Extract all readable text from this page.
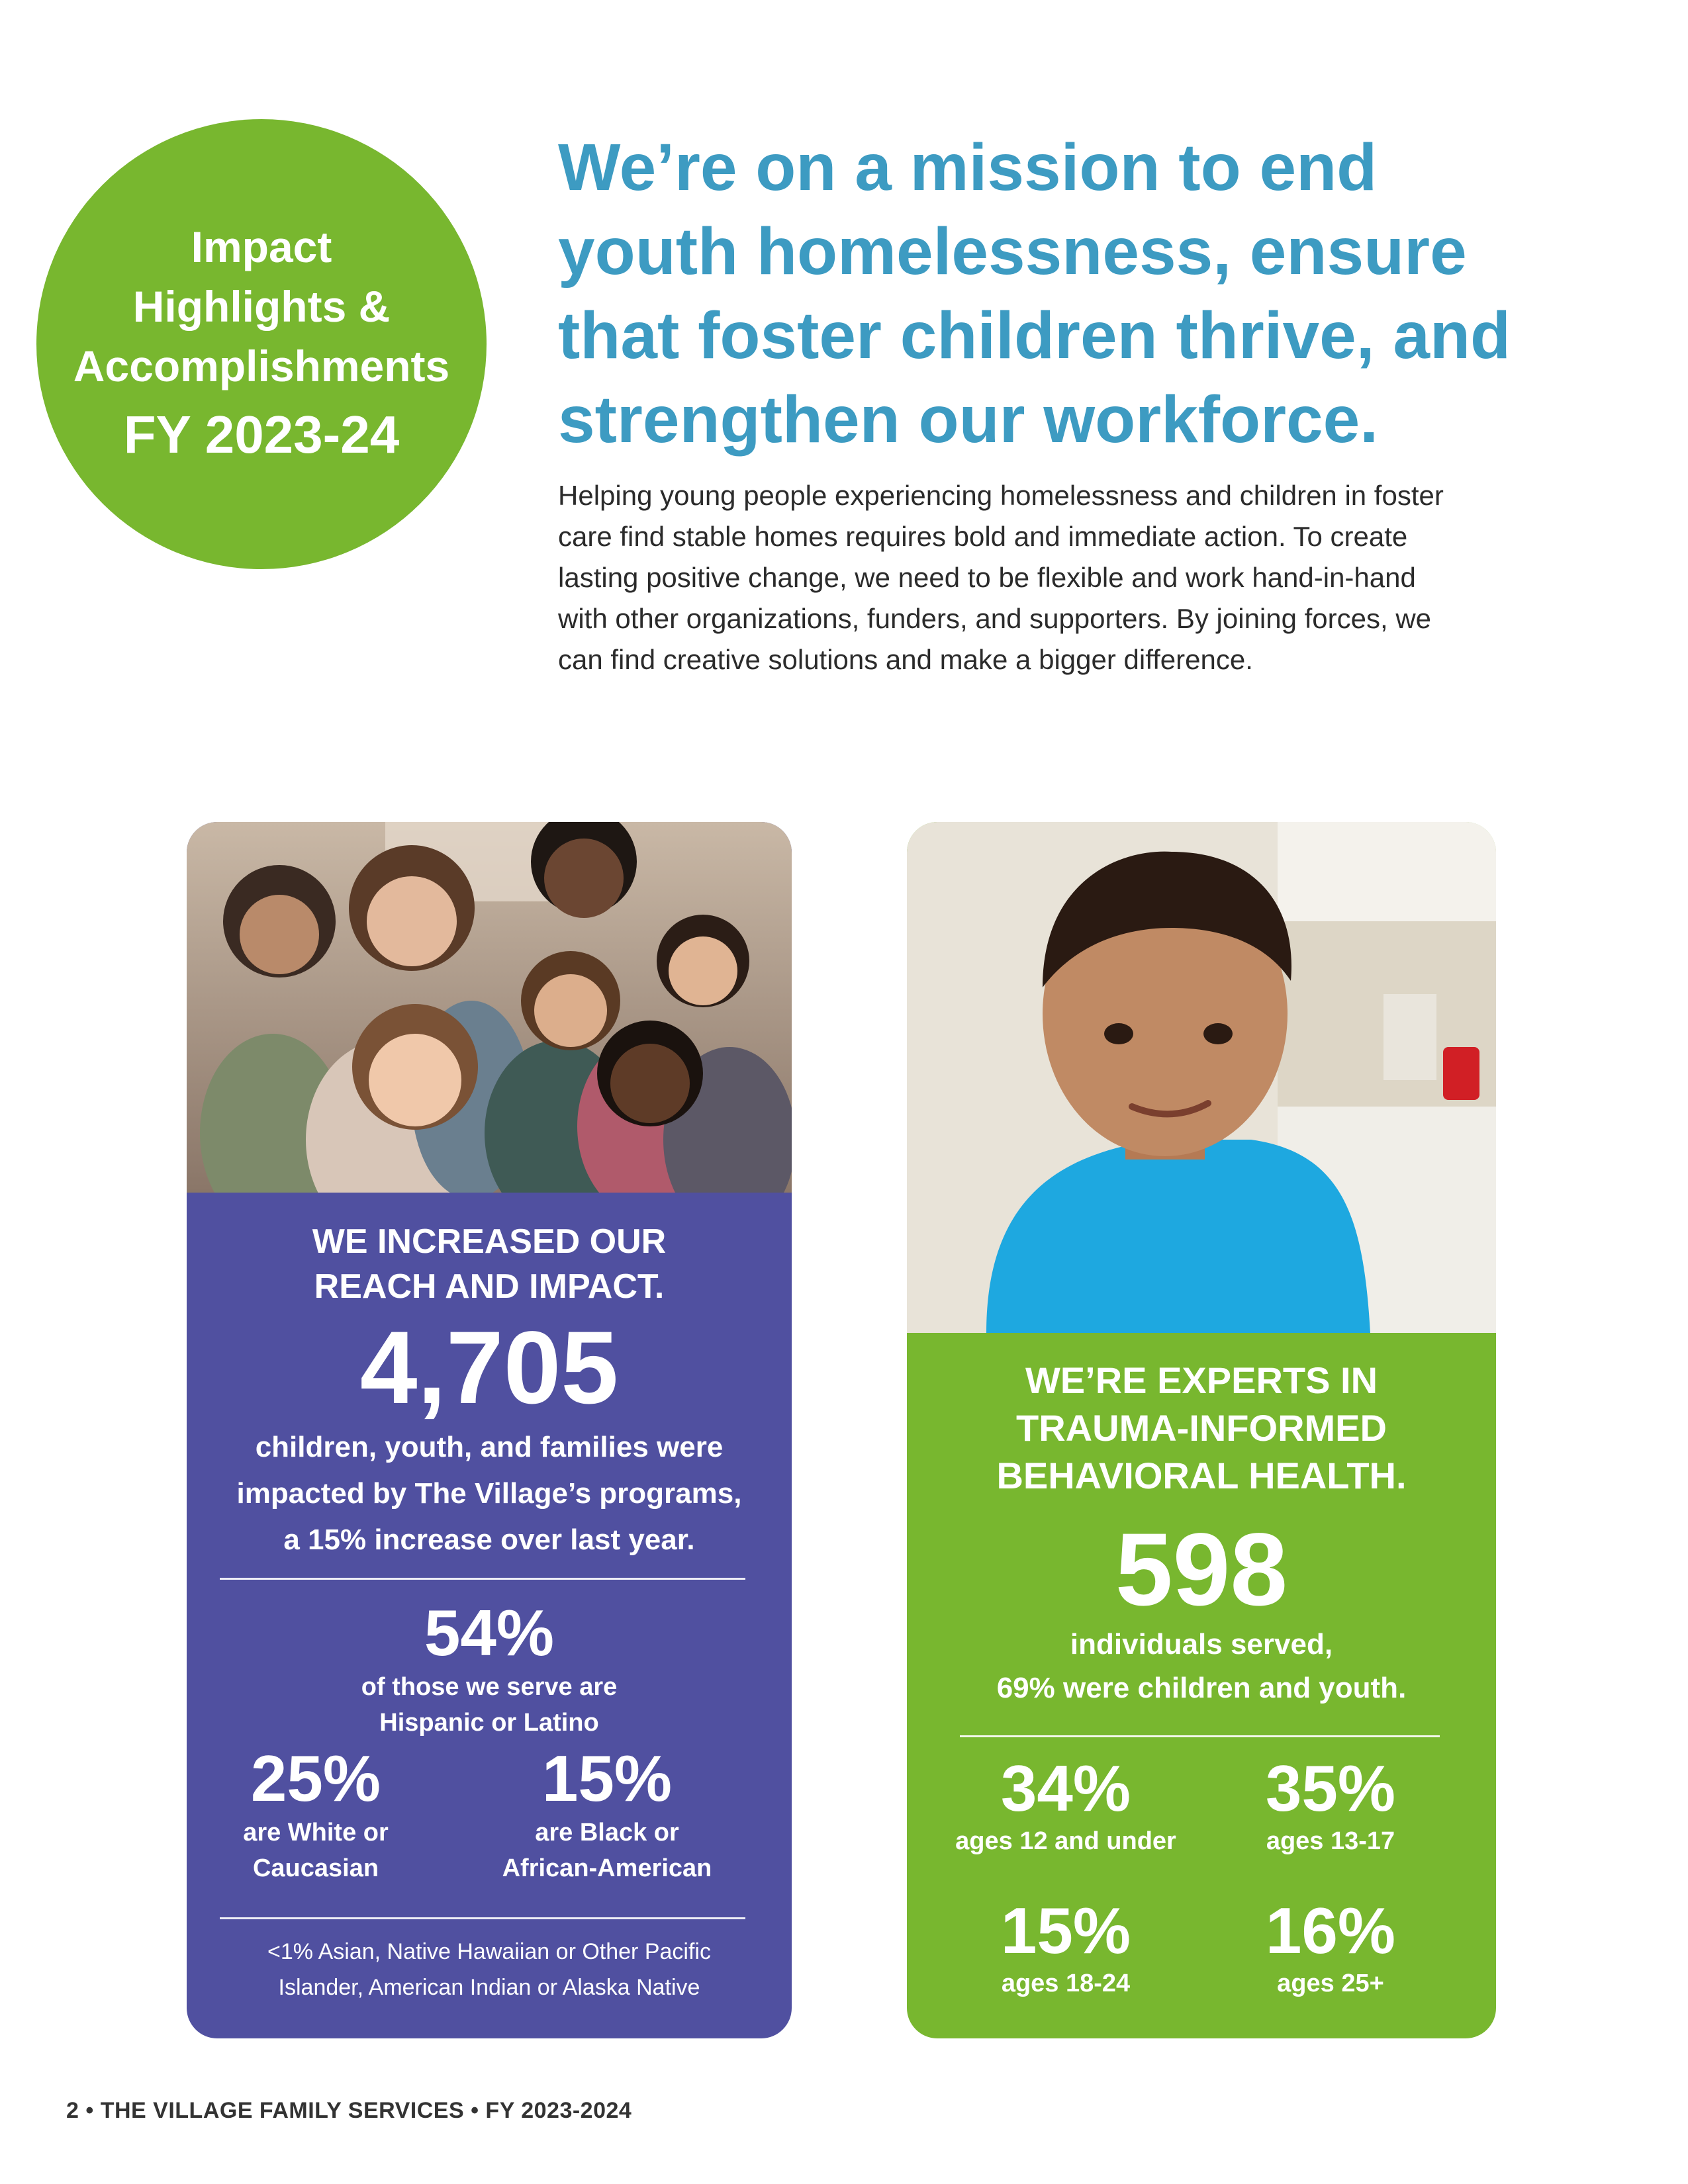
Impact
Highlights &
Accomplishments
FY 2023-24
We’re on a mission to end
youth homelessness, ensure
that foster children thrive, and
strengthen our workforce.

Helping young people experiencing homelessness and children in foster
care find stable homes requires bold and immediate action. To create
lasting positive change, we need to be flexible and work hand-in-hand
with other organizations, funders, and supporters. By joining forces, we
can find creative solutions and make a bigger difference.

WE INCREASED OUR
REACH AND IMPACT.

4,705

children, youth, and families were
impacted by The Village’s programs,
a 15% increase over last year.

54%

of those we serve are
Hispanic or Latino

25%

are White or
Caucasian

15%

are Black or
African-American

<1% Asian, Native Hawaiian or Other Pacific
Islander, American Indian or Alaska Native

WE’RE EXPERTS IN
TRAUMA-INFORMED
BEHAVIORAL HEALTH.

598

individuals served,
69% were children and youth.

34%

ages 12 and under

35%

ages 13-17

15%

ages 18-24

16%

ages 25+

2 • THE VILLAGE FAMILY SERVICES • FY 2023-2024
